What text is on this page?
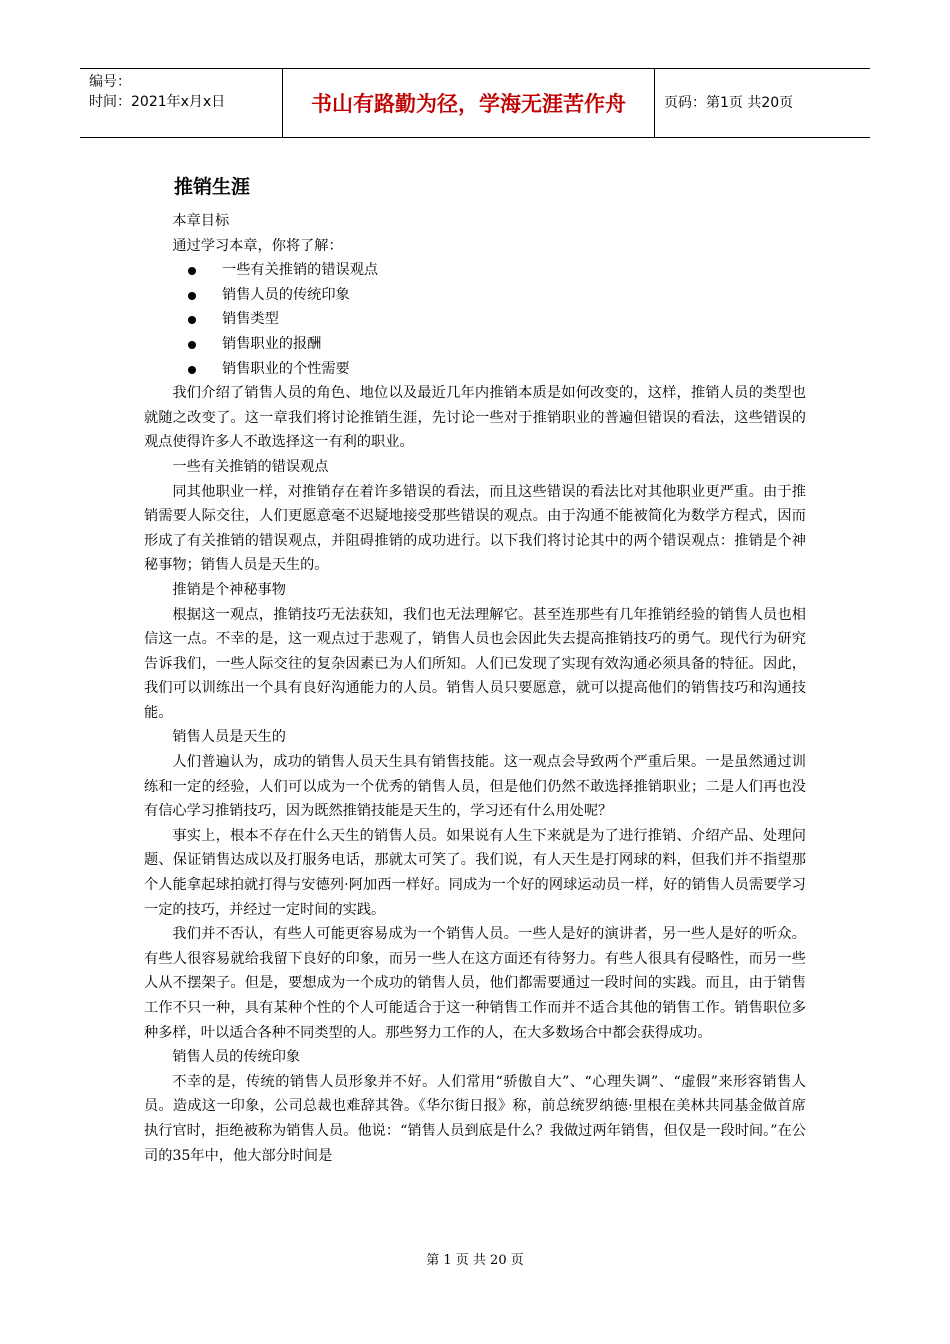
编号：
时间：2021年x月x日	书山有路勤为径，学海无涯苦作舟	页码：第1页 共20页
推销生涯

本章目标

通过学习本章，你将了解：

一些有关推销的错误观点
销售人员的传统印象
销售类型
销售职业的报酬
销售职业的个性需要

我们介绍了销售人员的角色、地位以及最近几年内推销本质是如何改变的，这样，推销人员的类型也就随之改变了。这一章我们将讨论推销生涯，先讨论一些对于推销职业的普遍但错误的看法，这些错误的观点使得许多人不敢选择这一有利的职业。

一些有关推销的错误观点

同其他职业一样，对推销存在着许多错误的看法，而且这些错误的看法比对其他职业更严重。由于推销需要人际交往，人们更愿意毫不迟疑地接受那些错误的观点。由于沟通不能被简化为数学方程式，因而形成了有关推销的错误观点，并阻碍推销的成功进行。以下我们将讨论其中的两个错误观点：推销是个神秘事物；销售人员是天生的。

推销是个神秘事物

根据这一观点，推销技巧无法获知，我们也无法理解它。甚至连那些有几年推销经验的销售人员也相信这一点。不幸的是，这一观点过于悲观了，销售人员也会因此失去提高推销技巧的勇气。现代行为研究告诉我们，一些人际交往的复杂因素已为人们所知。人们已发现了实现有效沟通必须具备的特征。因此，我们可以训练出一个具有良好沟通能力的人员。销售人员只要愿意，就可以提高他们的销售技巧和沟通技能。

销售人员是天生的

人们普遍认为，成功的销售人员天生具有销售技能。这一观点会导致两个严重后果。一是虽然通过训练和一定的经验，人们可以成为一个优秀的销售人员，但是他们仍然不敢选择推销职业；二是人们再也没有信心学习推销技巧，因为既然推销技能是天生的，学习还有什么用处呢？

事实上，根本不存在什么天生的销售人员。如果说有人生下来就是为了进行推销、介绍产品、处理问题、保证销售达成以及打服务电话，那就太可笑了。我们说，有人天生是打网球的料，但我们并不指望那个人能拿起球拍就打得与安德列·阿加西一样好。同成为一个好的网球运动员一样，好的销售人员需要学习一定的技巧，并经过一定时间的实践。

我们并不否认，有些人可能更容易成为一个销售人员。一些人是好的演讲者，另一些人是好的听众。有些人很容易就给我留下良好的印象，而另一些人在这方面还有待努力。有些人很具有侵略性，而另一些人从不摆架子。但是，要想成为一个成功的销售人员，他们都需要通过一段时间的实践。而且，由于销售工作不只一种，具有某种个性的个人可能适合于这一种销售工作而并不适合其他的销售工作。销售职位多种多样，叶以适合各种不同类型的人。那些努力工作的人，在大多数场合中都会获得成功。

销售人员的传统印象

不幸的是，传统的销售人员形象并不好。人们常用“骄傲自大”、“心理失调”、“虚假”来形容销售人员。造成这一印象，公司总裁也难辞其咎。《华尔街日报》称，前总统罗纳德·里根在美林共同基金做首席执行官时，拒绝被称为销售人员。他说：“销售人员到底是什么？我做过两年销售，但仅是一段时间。”在公司的35年中，他大部分时间是

第 1 页 共 20 页
